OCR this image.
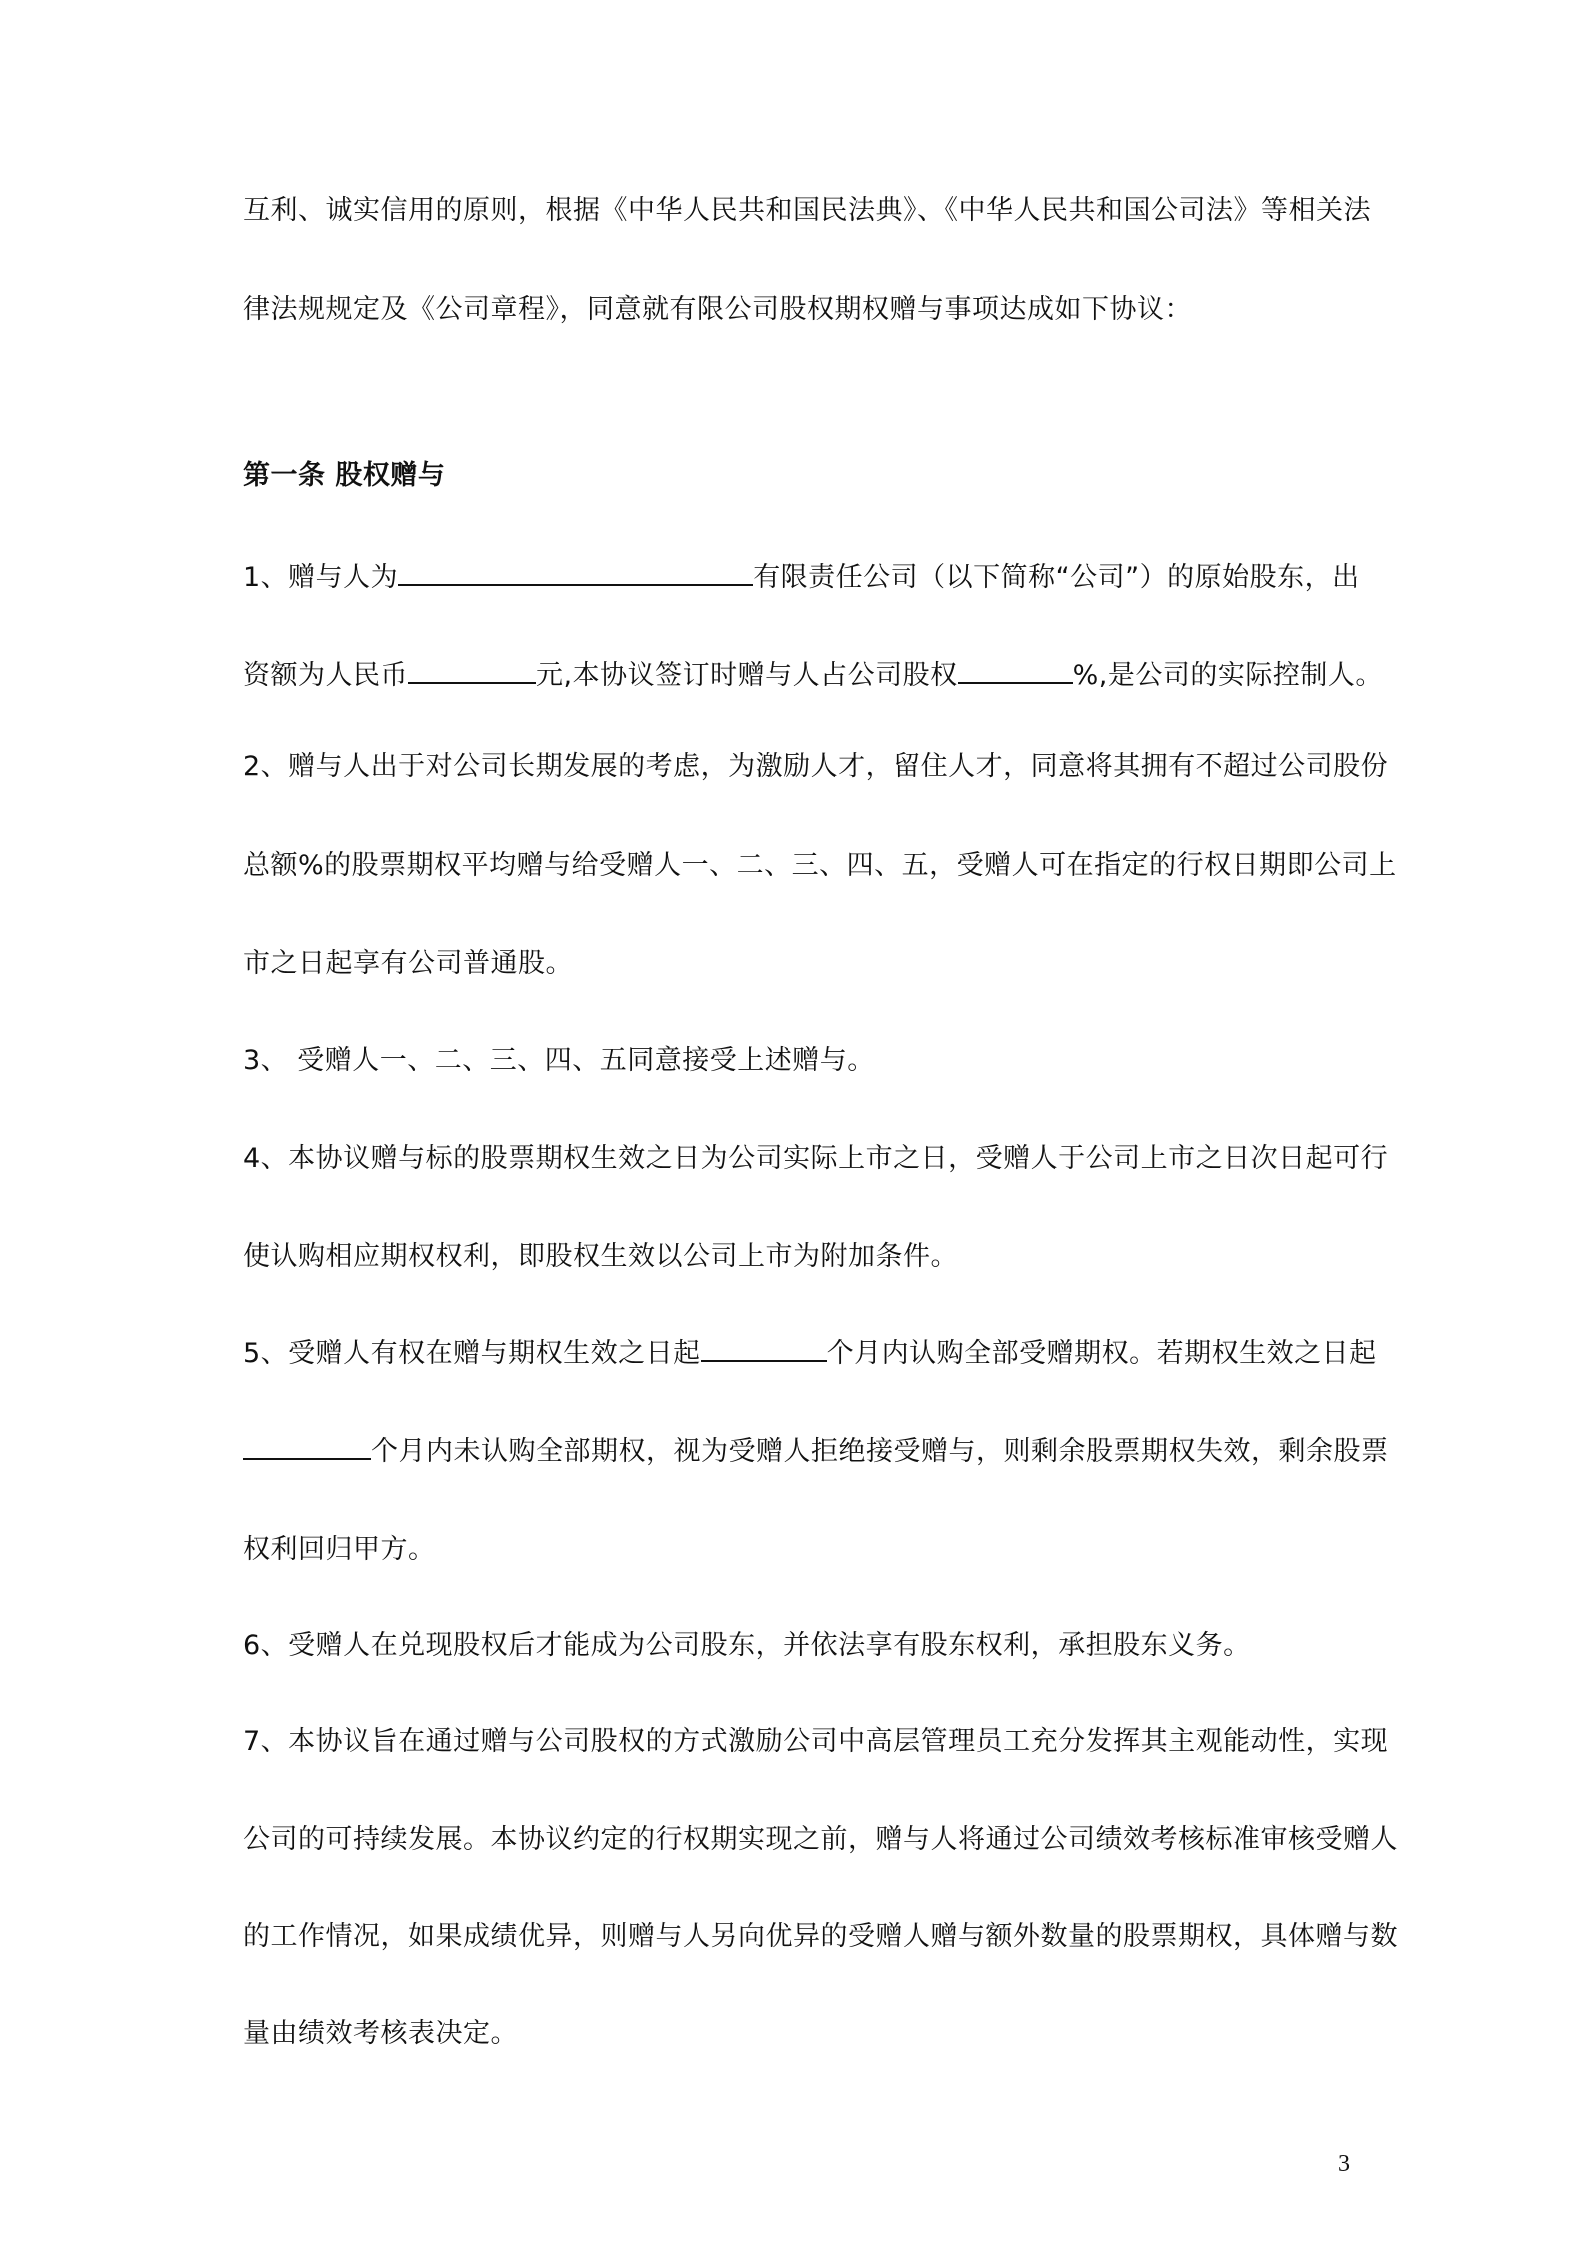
互利、诚实信用的原则，根据《中华人民共和国民法典》、《中华人民共和国公司法》等相关法
律法规规定及《公司章程》，同意就有限公司股权期权赠与事项达成如下协议：
第一条 股权赠与
1、赠与人为	有限责任公司（以下简称“公司”）的原始股东，出
资额为人民币	元,本协议签订时赠与人占公司股权	%,是公司的实际控制人。
2、赠与人出于对公司长期发展的考虑，为激励人才，留住人才，同意将其拥有不超过公司股份
总额%的股票期权平均赠与给受赠人一、二、三、四、五，受赠人可在指定的行权日期即公司上
市之日起享有公司普通股。
3、 受赠人一、二、三、四、五同意接受上述赠与。
4、本协议赠与标的股票期权生效之日为公司实际上市之日，受赠人于公司上市之日次日起可行
使认购相应期权权利，即股权生效以公司上市为附加条件。
5、受赠人有权在赠与期权生效之日起	个月内认购全部受赠期权。若期权生效之日起
个月内未认购全部期权，视为受赠人拒绝接受赠与，则剩余股票期权失效，剩余股票
权利回归甲方。
6、受赠人在兑现股权后才能成为公司股东，并依法享有股东权利，承担股东义务。
7、本协议旨在通过赠与公司股权的方式激励公司中高层管理员工充分发挥其主观能动性，实现
公司的可持续发展。本协议约定的行权期实现之前，赠与人将通过公司绩效考核标准审核受赠人
的工作情况，如果成绩优异，则赠与人另向优异的受赠人赠与额外数量的股票期权，具体赠与数
量由绩效考核表决定。
3
